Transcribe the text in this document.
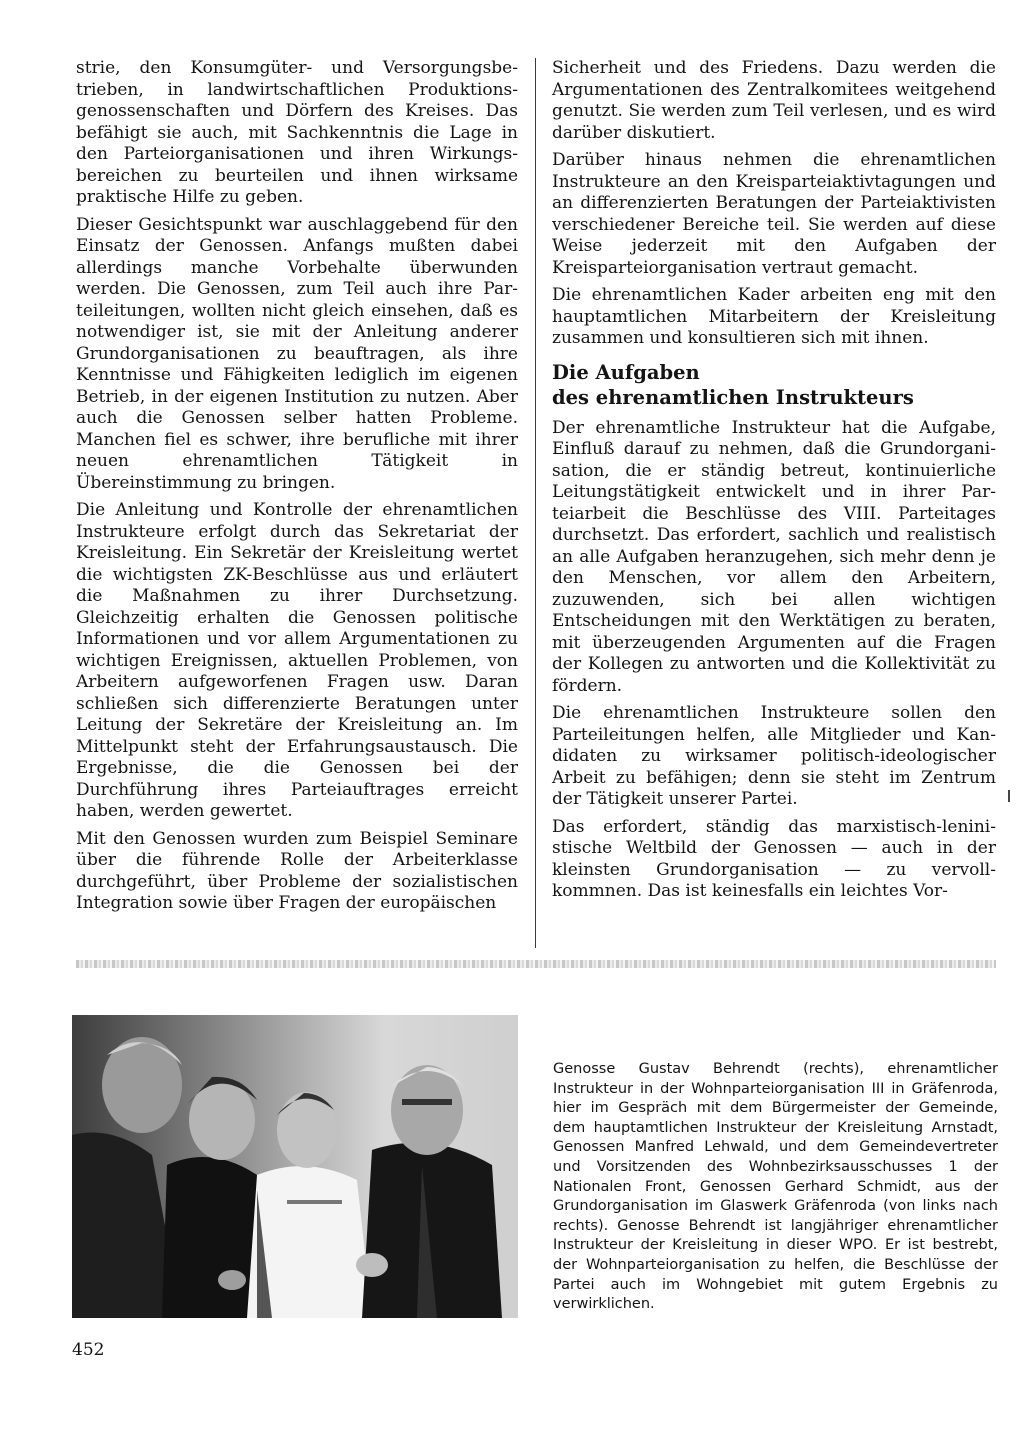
strie, den Konsumgüter- und Versorgungsbetrieben, in landwirtschaftlichen Produktionsgenossenschaften und Dörfern des Kreises. Das befähigt sie auch, mit Sachkenntnis die Lage in den Parteiorganisationen und ihren Wirkungsbereichen zu beurteilen und ihnen wirksame praktische Hilfe zu geben.

Dieser Gesichtspunkt war auschlaggebend für den Einsatz der Genossen. Anfangs mußten dabei allerdings manche Vorbehalte überwunden werden. Die Genossen, zum Teil auch ihre Parteileitungen, wollten nicht gleich einsehen, daß es notwendiger ist, sie mit der Anleitung anderer Grundorganisationen zu beauftragen, als ihre Kenntnisse und Fähigkeiten lediglich im eigenen Betrieb, in der eigenen Institution zu nutzen. Aber auch die Genossen selber hatten Probleme. Manchen fiel es schwer, ihre berufliche mit ihrer neuen ehrenamtlichen Tätigkeit in Übereinstimmung zu bringen.

Die Anleitung und Kontrolle der ehrenamtlichen Instrukteure erfolgt durch das Sekretariat der Kreisleitung. Ein Sekretär der Kreisleitung wertet die wichtigsten ZK-Beschlüsse aus und erläutert die Maßnahmen zu ihrer Durchsetzung. Gleichzeitig erhalten die Genossen politische Informationen und vor allem Argumentationen zu wichtigen Ereignissen, aktuellen Problemen, von Arbeitern aufgeworfenen Fragen usw. Daran schließen sich differenzierte Beratungen unter Leitung der Sekretäre der Kreisleitung an. Im Mittelpunkt steht der Erfahrungsaustausch. Die Ergebnisse, die die Genossen bei der Durchführung ihres Parteiauftrages erreicht haben, werden gewertet.

Mit den Genossen wurden zum Beispiel Seminare über die führende Rolle der Arbeiterklasse durchgeführt, über Probleme der sozialistischen Integration sowie über Fragen der europäischen

Sicherheit und des Friedens. Dazu werden die Argumentationen des Zentralkomitees weitgehend genutzt. Sie werden zum Teil verlesen, und es wird darüber diskutiert.

Darüber hinaus nehmen die ehrenamtlichen Instrukteure an den Kreisparteiaktivtagungen und an differenzierten Beratungen der Parteiaktivisten verschiedener Bereiche teil. Sie werden auf diese Weise jederzeit mit den Aufgaben der Kreisparteiorganisation vertraut gemacht.

Die ehrenamtlichen Kader arbeiten eng mit den hauptamtlichen Mitarbeitern der Kreisleitung zusammen und konsultieren sich mit ihnen.

Die Aufgaben
des ehrenamtlichen Instrukteurs

Der ehrenamtliche Instrukteur hat die Aufgabe, Einfluß darauf zu nehmen, daß die Grundorganisation, die er ständig betreut, kontinuierliche Leitungstätigkeit entwickelt und in ihrer Parteiarbeit die Beschlüsse des VIII. Parteitages durchsetzt. Das erfordert, sachlich und realistisch an alle Aufgaben heranzugehen, sich mehr denn je den Menschen, vor allem den Arbeitern, zuzuwenden, sich bei allen wichtigen Entscheidungen mit den Werktätigen zu beraten, mit überzeugenden Argumenten auf die Fragen der Kollegen zu antworten und die Kollektivität zu fördern.

Die ehrenamtlichen Instrukteure sollen den Parteileitungen helfen, alle Mitglieder und Kandidaten zu wirksamer politisch-ideologischer Arbeit zu befähigen; denn sie steht im Zentrum der Tätigkeit unserer Partei.

Das erfordert, ständig das marxistisch-leninistische Weltbild der Genossen — auch in der kleinsten Grundorganisation — zu vervollkommnen. Das ist keinesfalls ein leichtes Vor-

Genosse Gustav Behrendt (rechts), ehrenamtlicher Instrukteur in der Wohnparteiorganisation III in Gräfenroda, hier im Gespräch mit dem Bürgermeister der Gemeinde, dem hauptamtlichen Instrukteur der Kreisleitung Arnstadt, Genossen Manfred Lehwald, und dem Gemeindevertreter und Vorsitzenden des Wohnbezirksausschusses 1 der Nationalen Front, Genossen Gerhard Schmidt, aus der Grundorganisation im Glaswerk Gräfenroda (von links nach rechts). Genosse Behrendt ist langjähriger ehrenamtlicher Instrukteur der Kreisleitung in dieser WPO. Er ist bestrebt, der Wohnparteiorganisation zu helfen, die Beschlüsse der Partei auch im Wohngebiet mit gutem Ergebnis zu verwirklichen.
452
